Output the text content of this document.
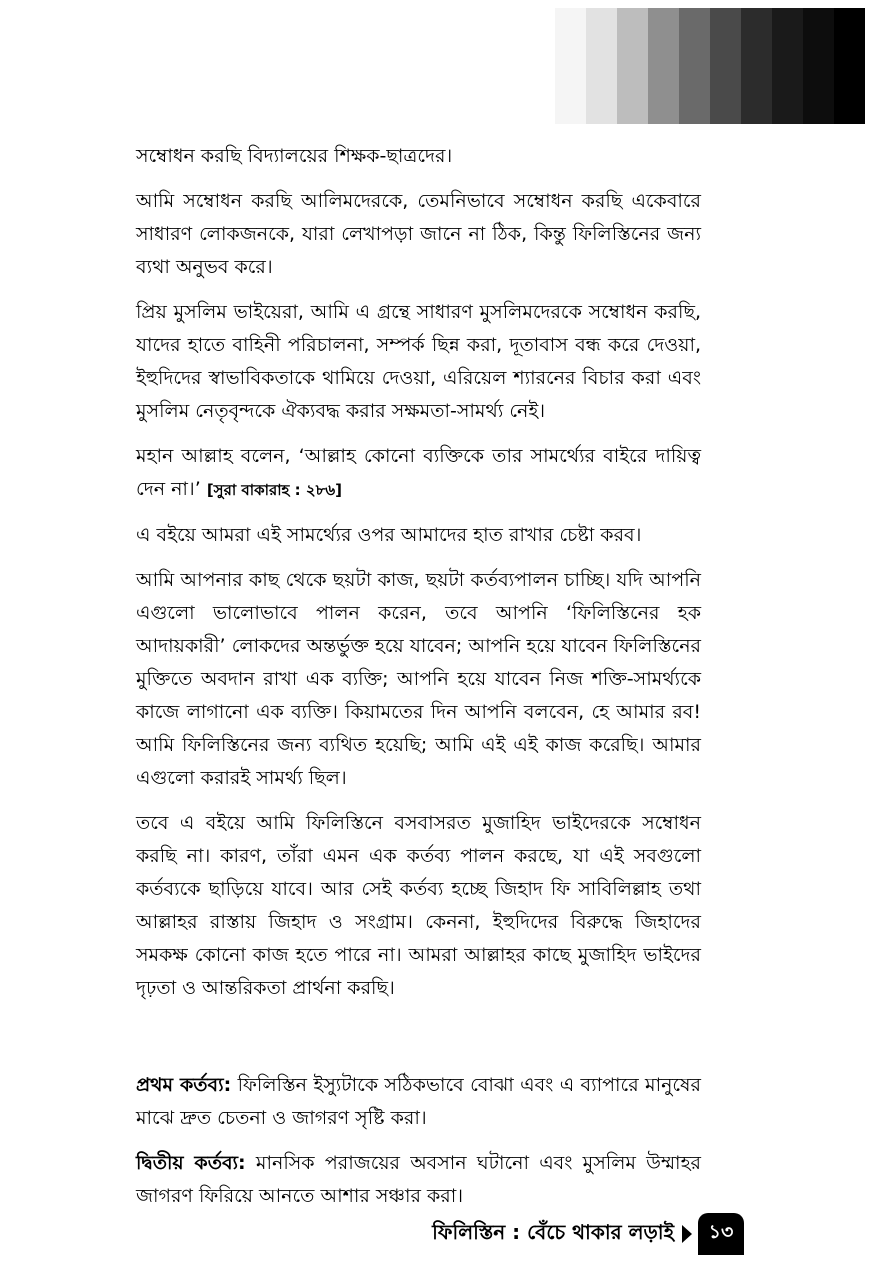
সম্বোধন করছি বিদ্যালয়ের শিক্ষক-ছাত্রদের।

আমি সম্বোধন করছি আলিমদেরকে, তেমনিভাবে সম্বোধন করছি একেবারে সাধারণ লোকজনকে, যারা লেখাপড়া জানে না ঠিক, কিন্তু ফিলিস্তিনের জন্য ব্যথা অনুভব করে।

প্রিয় মুসলিম ভাইয়েরা, আমি এ গ্রন্থে সাধারণ মুসলিমদেরকে সম্বোধন করছি, যাদের হাতে বাহিনী পরিচালনা, সম্পর্ক ছিন্ন করা, দূতাবাস বন্ধ করে দেওয়া, ইহুদিদের স্বাভাবিকতাকে থামিয়ে দেওয়া, এরিয়েল শ্যারনের বিচার করা এবং মুসলিম নেতৃবৃন্দকে ঐক্যবদ্ধ করার সক্ষমতা-সামর্থ্য নেই।

মহান আল্লাহ বলেন, ‘আল্লাহ কোনো ব্যক্তিকে তার সামর্থ্যের বাইরে দায়িত্ব দেন না।’ [সুরা বাকারাহ : ২৮৬]

এ বইয়ে আমরা এই সামর্থ্যের ওপর আমাদের হাত রাখার চেষ্টা করব।

আমি আপনার কাছ থেকে ছয়টা কাজ, ছয়টা কর্তব্যপালন চাচ্ছি। যদি আপনি এগুলো ভালোভাবে পালন করেন, তবে আপনি ‘ফিলিস্তিনের হক আদায়কারী’ লোকদের অন্তর্ভুক্ত হয়ে যাবেন; আপনি হয়ে যাবেন ফিলিস্তিনের মুক্তিতে অবদান রাখা এক ব্যক্তি; আপনি হয়ে যাবেন নিজ শক্তি-সামর্থ্যকে কাজে লাগানো এক ব্যক্তি। কিয়ামতের দিন আপনি বলবেন, হে আমার রব! আমি ফিলিস্তিনের জন্য ব্যথিত হয়েছি; আমি এই এই কাজ করেছি। আমার এগুলো করারই সামর্থ্য ছিল।

তবে এ বইয়ে আমি ফিলিস্তিনে বসবাসরত মুজাহিদ ভাইদেরকে সম্বোধন করছি না। কারণ, তাঁরা এমন এক কর্তব্য পালন করছে, যা এই সবগুলো কর্তব্যকে ছাড়িয়ে যাবে। আর সেই কর্তব্য হচ্ছে জিহাদ ফি সাবিলিল্লাহ তথা আল্লাহর রাস্তায় জিহাদ ও সংগ্রাম। কেননা, ইহুদিদের বিরুদ্ধে জিহাদের সমকক্ষ কোনো কাজ হতে পারে না। আমরা আল্লাহর কাছে মুজাহিদ ভাইদের দৃঢ়তা ও আন্তরিকতা প্রার্থনা করছি।

প্রথম কর্তব্য: ফিলিস্তিন ইস্যুটাকে সঠিকভাবে বোঝা এবং এ ব্যাপারে মানুষের মাঝে দ্রুত চেতনা ও জাগরণ সৃষ্টি করা।

দ্বিতীয় কর্তব্য: মানসিক পরাজয়ের অবসান ঘটানো এবং মুসলিম উম্মাহর জাগরণ ফিরিয়ে আনতে আশার সঞ্চার করা।

ফিলিস্তিন : বেঁচে থাকার লড়াই	১৩
